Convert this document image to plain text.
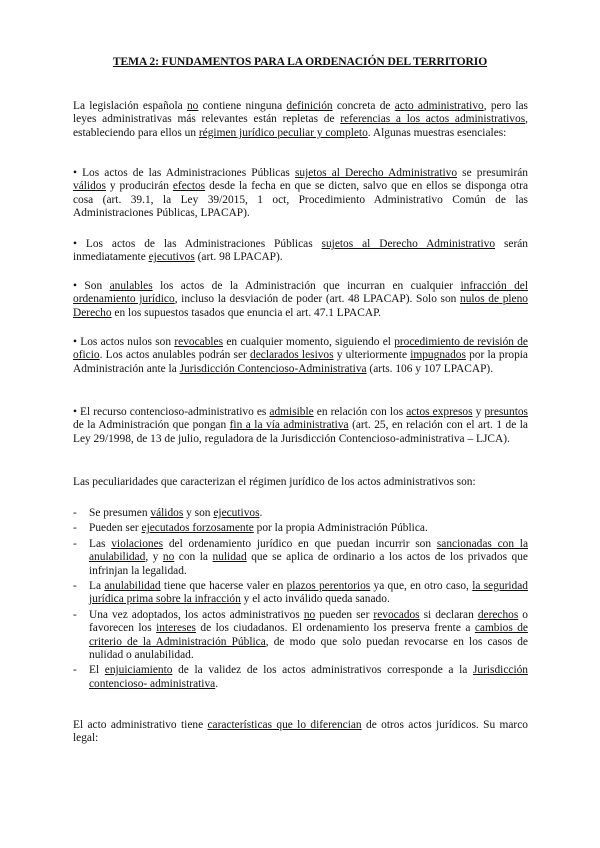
TEMA 2: FUNDAMENTOS PARA LA ORDENACIÓN DEL TERRITORIO

La legislación española no contiene ninguna definición concreta de acto administrativo, pero las leyes administrativas más relevantes están repletas de referencias a los actos administrativos, estableciendo para ellos un régimen jurídico peculiar y completo. Algunas muestras esenciales:

• Los actos de las Administraciones Públicas sujetos al Derecho Administrativo se presumirán válidos y producirán efectos desde la fecha en que se dicten, salvo que en ellos se disponga otra cosa (art. 39.1, la Ley 39/2015, 1 oct, Procedimiento Administrativo Común de las Administraciones Públicas, LPACAP).

• Los actos de las Administraciones Públicas sujetos al Derecho Administrativo serán inmediatamente ejecutivos (art. 98 LPACAP).

• Son anulables los actos de la Administración que incurran en cualquier infracción del ordenamiento jurídico, incluso la desviación de poder (art. 48 LPACAP). Solo son nulos de pleno Derecho en los supuestos tasados que enuncia el art. 47.1 LPACAP.

• Los actos nulos son revocables en cualquier momento, siguiendo el procedimiento de revisión de oficio. Los actos anulables podrán ser declarados lesivos y ulteriormente impugnados por la propia Administración ante la Jurisdicción Contencioso-Administrativa (arts. 106 y 107 LPACAP).

• El recurso contencioso-administrativo es admisible en relación con los actos expresos y presuntos de la Administración que pongan fin a la vía administrativa (art. 25, en relación con el art. 1 de la Ley 29/1998, de 13 de julio, reguladora de la Jurisdicción Contencioso-administrativa – LJCA).

Las peculiaridades que caracterizan el régimen jurídico de los actos administrativos son:

- Se presumen válidos y son ejecutivos.
- Pueden ser ejecutados forzosamente por la propia Administración Pública.
- Las violaciones del ordenamiento jurídico en que puedan incurrir son sancionadas con la anulabilidad, y no con la nulidad que se aplica de ordinario a los actos de los privados que infrinjan la legalidad.
- La anulabilidad tiene que hacerse valer en plazos perentorios ya que, en otro caso, la seguridad jurídica prima sobre la infracción y el acto inválido queda sanado.
- Una vez adoptados, los actos administrativos no pueden ser revocados si declaran derechos o favorecen los intereses de los ciudadanos. El ordenamiento los preserva frente a cambios de criterio de la Administración Pública, de modo que solo puedan revocarse en los casos de nulidad o anulabilidad.
- El enjuiciamiento de la validez de los actos administrativos corresponde a la Jurisdicción contencioso- administrativa.

El acto administrativo tiene características que lo diferencian de otros actos jurídicos. Su marco legal:
